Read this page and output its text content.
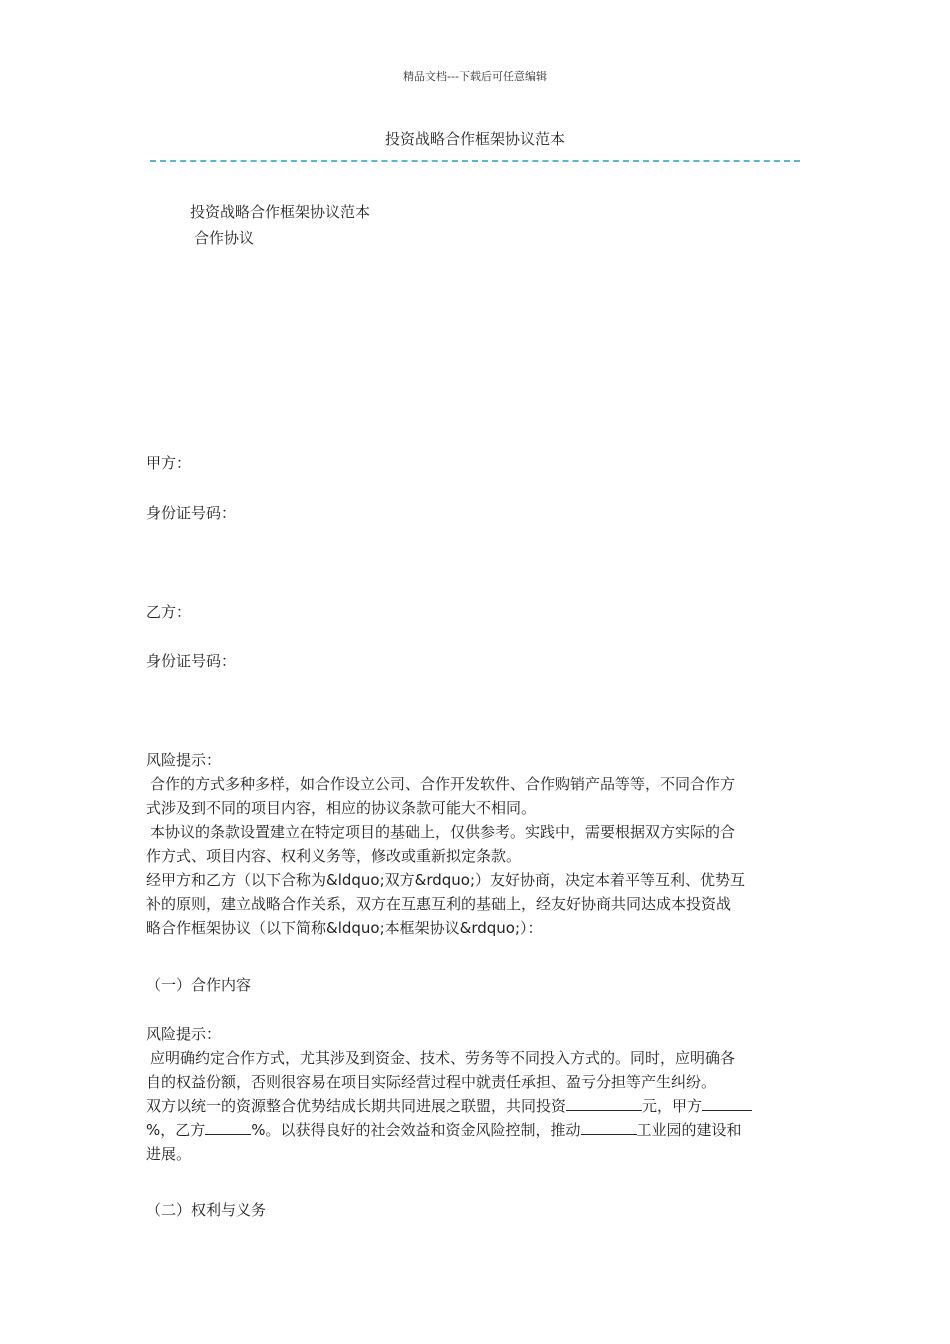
精品文档---下载后可任意编辑
投资战略合作框架协议范本
投资战略合作框架协议范本
合作协议
甲方：
身份证号码：
乙方：
身份证号码：
风险提示：
合作的方式多种多样，如合作设立公司、合作开发软件、合作购销产品等等，不同合作方
式涉及到不同的项目内容，相应的协议条款可能大不相同。
本协议的条款设置建立在特定项目的基础上，仅供参考。实践中，需要根据双方实际的合
作方式、项目内容、权利义务等，修改或重新拟定条款。
经甲方和乙方（以下合称为&ldquo;双方&rdquo;）友好协商，决定本着平等互利、优势互
补的原则，建立战略合作关系，双方在互惠互利的基础上，经友好协商共同达成本投资战
略合作框架协议（以下简称&ldquo;本框架协议&rdquo;）：
（一）合作内容
风险提示：
应明确约定合作方式，尤其涉及到资金、技术、劳务等不同投入方式的。同时，应明确各
自的权益份额，否则很容易在项目实际经营过程中就责任承担、盈亏分担等产生纠纷。
双方以统一的资源整合优势结成长期共同进展之联盟，共同投资	元，甲方
%，乙方	%。以获得良好的社会效益和资金风险控制，推动	工业园的建设和
进展。
（二）权利与义务
